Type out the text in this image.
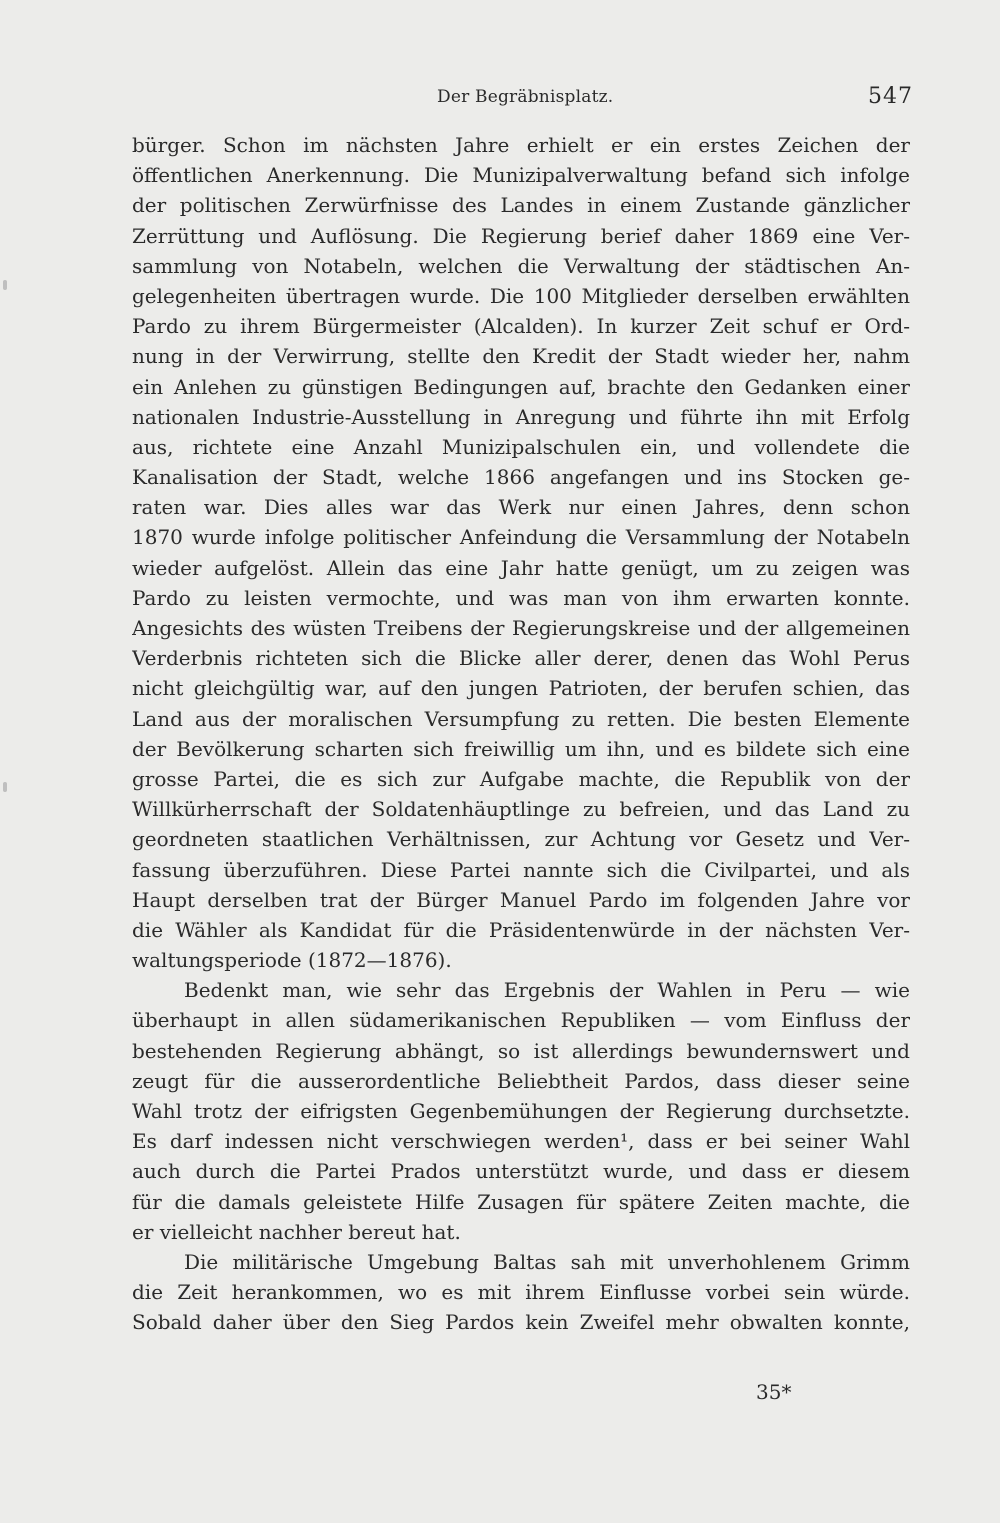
Der Begräbnisplatz.	547
bürger. Schon im nächsten Jahre erhielt er ein erstes Zeichen der
öffentlichen Anerkennung. Die Munizipalverwaltung befand sich infolge
der politischen Zerwürfnisse des Landes in einem Zustande gänzlicher
Zerrüttung und Auflösung. Die Regierung berief daher 1869 eine Ver-
sammlung von Notabeln, welchen die Verwaltung der städtischen An-
gelegenheiten übertragen wurde. Die 100 Mitglieder derselben erwählten
Pardo zu ihrem Bürgermeister (Alcalden). In kurzer Zeit schuf er Ord-
nung in der Verwirrung, stellte den Kredit der Stadt wieder her, nahm
ein Anlehen zu günstigen Bedingungen auf, brachte den Gedanken einer
nationalen Industrie-Ausstellung in Anregung und führte ihn mit Erfolg
aus, richtete eine Anzahl Munizipalschulen ein, und vollendete die
Kanalisation der Stadt, welche 1866 angefangen und ins Stocken ge-
raten war. Dies alles war das Werk nur einen Jahres, denn schon
1870 wurde infolge politischer Anfeindung die Versammlung der Notabeln
wieder aufgelöst. Allein das eine Jahr hatte genügt, um zu zeigen was
Pardo zu leisten vermochte, und was man von ihm erwarten konnte.
Angesichts des wüsten Treibens der Regierungskreise und der allgemeinen
Verderbnis richteten sich die Blicke aller derer, denen das Wohl Perus
nicht gleichgültig war, auf den jungen Patrioten, der berufen schien, das
Land aus der moralischen Versumpfung zu retten. Die besten Elemente
der Bevölkerung scharten sich freiwillig um ihn, und es bildete sich eine
grosse Partei, die es sich zur Aufgabe machte, die Republik von der
Willkürherrschaft der Soldatenhäuptlinge zu befreien, und das Land zu
geordneten staatlichen Verhältnissen, zur Achtung vor Gesetz und Ver-
fassung überzuführen. Diese Partei nannte sich die Civilpartei, und als
Haupt derselben trat der Bürger Manuel Pardo im folgenden Jahre vor
die Wähler als Kandidat für die Präsidentenwürde in der nächsten Ver-
waltungsperiode (1872—1876).
Bedenkt man, wie sehr das Ergebnis der Wahlen in Peru — wie
überhaupt in allen südamerikanischen Republiken — vom Einfluss der
bestehenden Regierung abhängt, so ist allerdings bewundernswert und
zeugt für die ausserordentliche Beliebtheit Pardos, dass dieser seine
Wahl trotz der eifrigsten Gegenbemühungen der Regierung durchsetzte.
Es darf indessen nicht verschwiegen werden¹, dass er bei seiner Wahl
auch durch die Partei Prados unterstützt wurde, und dass er diesem
für die damals geleistete Hilfe Zusagen für spätere Zeiten machte, die
er vielleicht nachher bereut hat.
Die militärische Umgebung Baltas sah mit unverhohlenem Grimm
die Zeit herankommen, wo es mit ihrem Einflusse vorbei sein würde.
Sobald daher über den Sieg Pardos kein Zweifel mehr obwalten konnte,
35*
